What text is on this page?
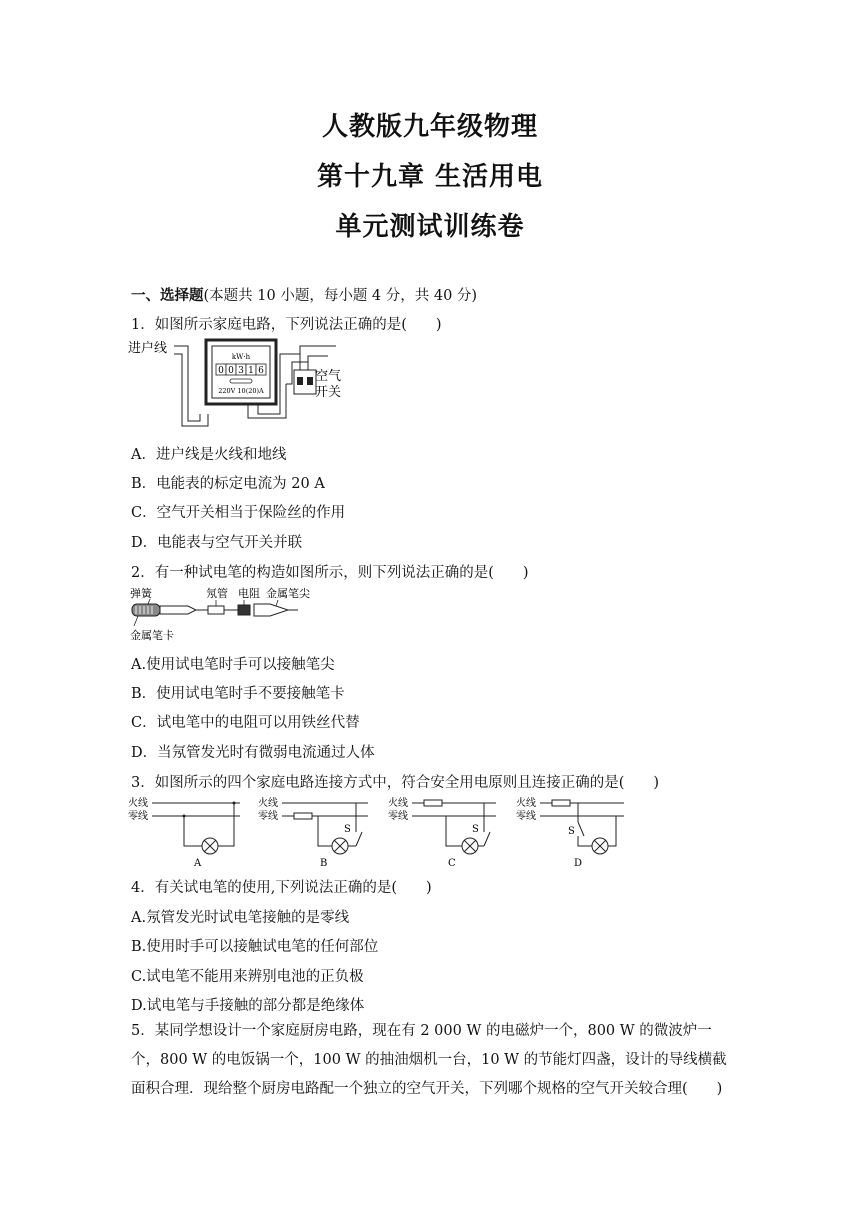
人教版九年级物理
第十九章 生活用电
单元测试训练卷
一、选择题(本题共 10 小题，每小题 4 分，共 40 分)
1．如图所示家庭电路，下列说法正确的是(　　)
进户线
kW·h
0 0 3 1 6
220V 10(20)A
空气
开关
A．进户线是火线和地线
B．电能表的标定电流为 20 A
C．空气开关相当于保险丝的作用
D．电能表与空气开关并联
2．有一种试电笔的构造如图所示，则下列说法正确的是(　　)
弹簧	氖管 电阻 金属笔尖
金属笔卡
A.使用试电笔时手可以接触笔尖
B．使用试电笔时手不要接触笔卡
C．试电笔中的电阻可以用铁丝代替
D．当氖管发光时有微弱电流通过人体
3．如图所示的四个家庭电路连接方式中，符合安全用电原则且连接正确的是(　　)
火线
零线
A
火线
零线
S
B
火线
零线
S
C
火线
零线
S
D
4．有关试电笔的使用,下列说法正确的是(　　)
A.氖管发光时试电笔接触的是零线
B.使用时手可以接触试电笔的任何部位
C.试电笔不能用来辨别电池的正负极
D.试电笔与手接触的部分都是绝缘体
5．某同学想设计一个家庭厨房电路，现在有 2 000 W 的电磁炉一个，800 W 的微波炉一个，800 W 的电饭锅一个，100 W 的抽油烟机一台，10 W 的节能灯四盏，设计的导线横截面积合理．现给整个厨房电路配一个独立的空气开关，下列哪个规格的空气开关较合理(　　)
